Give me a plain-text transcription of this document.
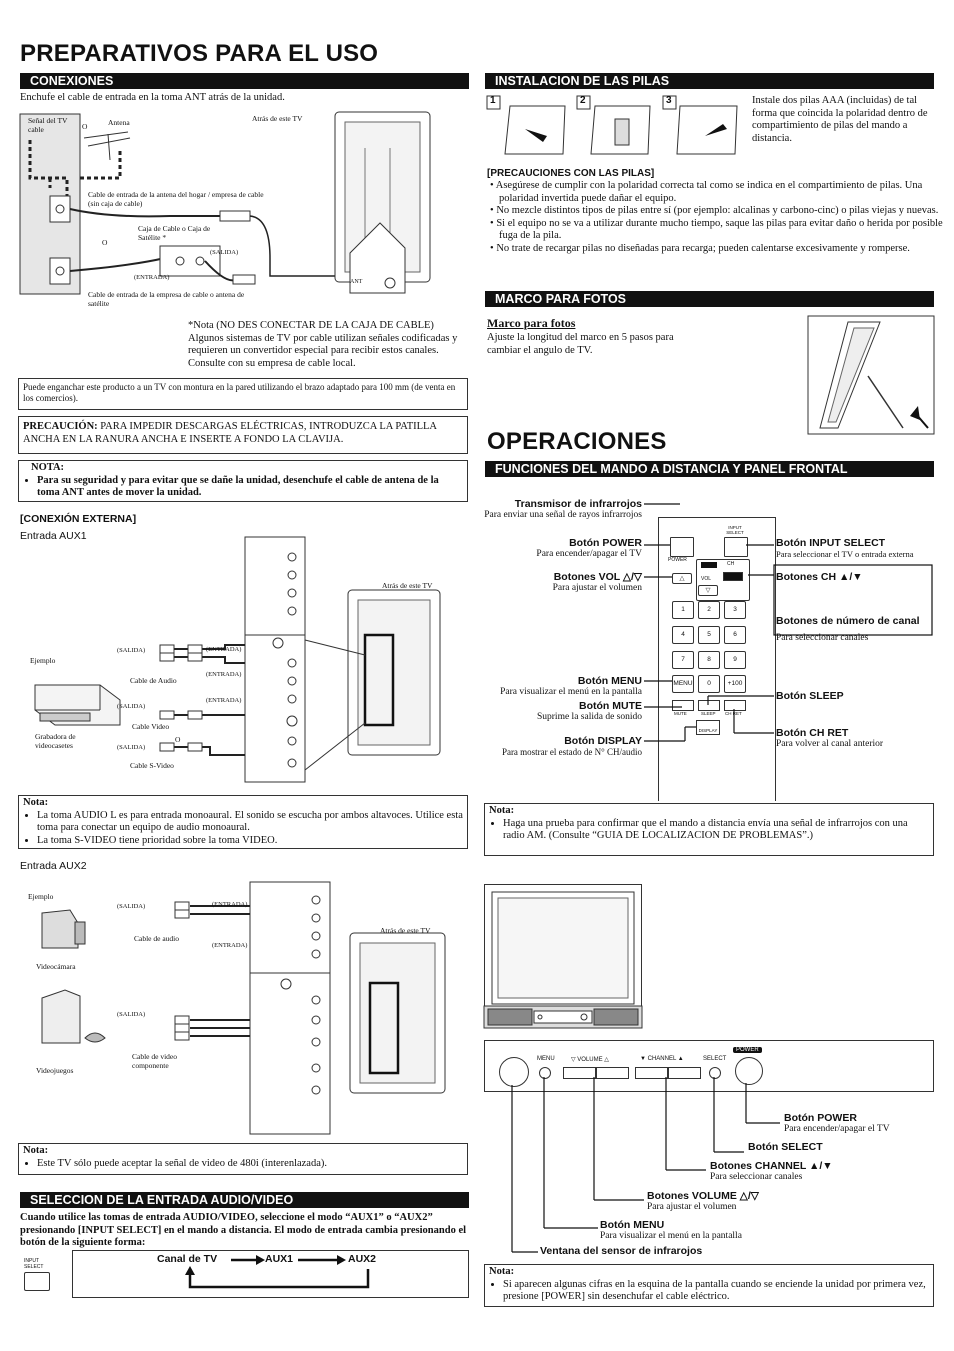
PREPARATIVOS PARA EL USO
CONEXIONES
Enchufe el cable de entrada en la toma ANT atrás de la unidad.
Señal del TV cable	O	Antena	Atrás de este TV
Cable de entrada de la antena del hogar / empresa de cable (sin caja de cable)
Caja de Cable o Caja de Satélite *
O
(SALIDA)
(ENTRADA)
Cable de entrada de la empresa de cable o antena de satélite
ANT
*Nota (NO DES CONECTAR DE LA CAJA DE CABLE) Algunos sistemas de TV por cable utilizan señales codificadas y requieren un convertidor especial para recibir estos canales. Consulte con su empresa de cable local.
Puede enganchar este producto a un TV con montura en la pared utilizando el brazo adaptado para 100 mm (de venta en los comercios).
PRECAUCIÓN: PARA IMPEDIR DESCARGAS ELÉCTRICAS, INTRODUZCA LA PATILLA ANCHA EN LA RANURA ANCHA E INSERTE A FONDO LA CLAVIJA.
NOTA:
• Para su seguridad y para evitar que se dañe la unidad, desenchufe el cable de antena de la toma ANT antes de mover la unidad.
[CONEXIÓN EXTERNA]
Entrada AUX1
Atrás de este TV
Ejemplo
(SALIDA)	(ENTRADA)
Cable de Audio
(ENTRADA)
(SALIDA)
(ENTRADA)
Cable Video
O
(SALIDA)
Grabadora de videocasetes
Cable S-Video
Nota:
• La toma AUDIO L es para entrada monoaural. El sonido se escucha por ambos altavoces. Utilice esta toma para conectar un equipo de audio monoaural.
• La toma S-VIDEO tiene prioridad sobre la toma VIDEO.
Entrada AUX2
Ejemplo
(SALIDA)	(ENTRADA)
Atrás de este TV
Cable de audio
(ENTRADA)
Videocámara
(SALIDA)
Cable de video componente
Videojuegos
Nota:
• Este TV sólo puede aceptar la señal de video de 480i (interenlazada).
SELECCION DE LA ENTRADA AUDIO/VIDEO
Cuando utilice las tomas de entrada AUDIO/VIDEO, seleccione el modo “AUX1” o “AUX2” presionando [INPUT SELECT] en el mando a distancia. El modo de entrada cambia presionando el botón de la siguiente forma:
INPUT SELECT
Canal de TV	AUX1	AUX2
INSTALACION DE LAS PILAS
1	2	3	Instale dos pilas AAA (incluidas) de tal forma que coincida la polaridad dentro de compartimiento de pilas del mando a distancia.
[PRECAUCIONES CON LAS PILAS]
• Asegúrese de cumplir con la polaridad correcta tal como se indica en el compartimiento de pilas. Una polaridad invertida puede dañar el equipo.
• No mezcle distintos tipos de pilas entre sí (por ejemplo: alcalinas y carbono-cinc) o pilas viejas y nuevas.
• Si el equipo no se va a utilizar durante mucho tiempo, saque las pilas para evitar daño o herida por posible fuga de la pila.
• No trate de recargar pilas no diseñadas para recarga; pueden calentarse excesivamente y romperse.
MARCO PARA FOTOS
Marco para fotos
Ajuste la longitud del marco en 5 pasos para cambiar el angulo de TV.
OPERACIONES
FUNCIONES DEL MANDO A DISTANCIA Y PANEL FRONTAL
POWER
INPUT SELECT
CH
VOL
△
▽
1	2	3
4	5	6
7	8	9
MENU	0	+100
MUTE	SLEEP CH RET
DISPLAY
Transmisor de infrarrojos
Para enviar una señal de rayos infrarrojos
Botón POWER
Para encender/apagar el TV
Botones VOL △/▽
Para ajustar el volumen
Botón MENU
Para visualizar el menú en la pantalla
Botón MUTE
Suprime la salida de sonido
Botón DISPLAY
Para mostrar el estado de N° CH/audio
Botón INPUT SELECT
Para seleccionar el TV o entrada externa
Botones CH ▲/▼
Botones de número de canal
Para seleccionar canales
Botón SLEEP
Botón CH RET
Para volver al canal anterior
Nota:
• Haga una prueba para confirmar que el mando a distancia envía una señal de infrarrojos con una radio AM. (Consulte “GUIA DE LOCALIZACION DE PROBLEMAS”.)
MENU	▽ VOLUME △	▼ CHANNEL ▲	SELECT
POWER
Botón POWER
Para encender/apagar el TV
Botón SELECT
Botones CHANNEL ▲/▼
Para seleccionar canales
Botones VOLUME △/▽
Para ajustar el volumen
Botón MENU
Para visualizar el menú en la pantalla
Ventana del sensor de infrarojos
Nota:
• Si aparecen algunas cifras en la esquina de la pantalla cuando se enciende la unidad por primera vez, presione [POWER] sin desenchufar el cable eléctrico.
